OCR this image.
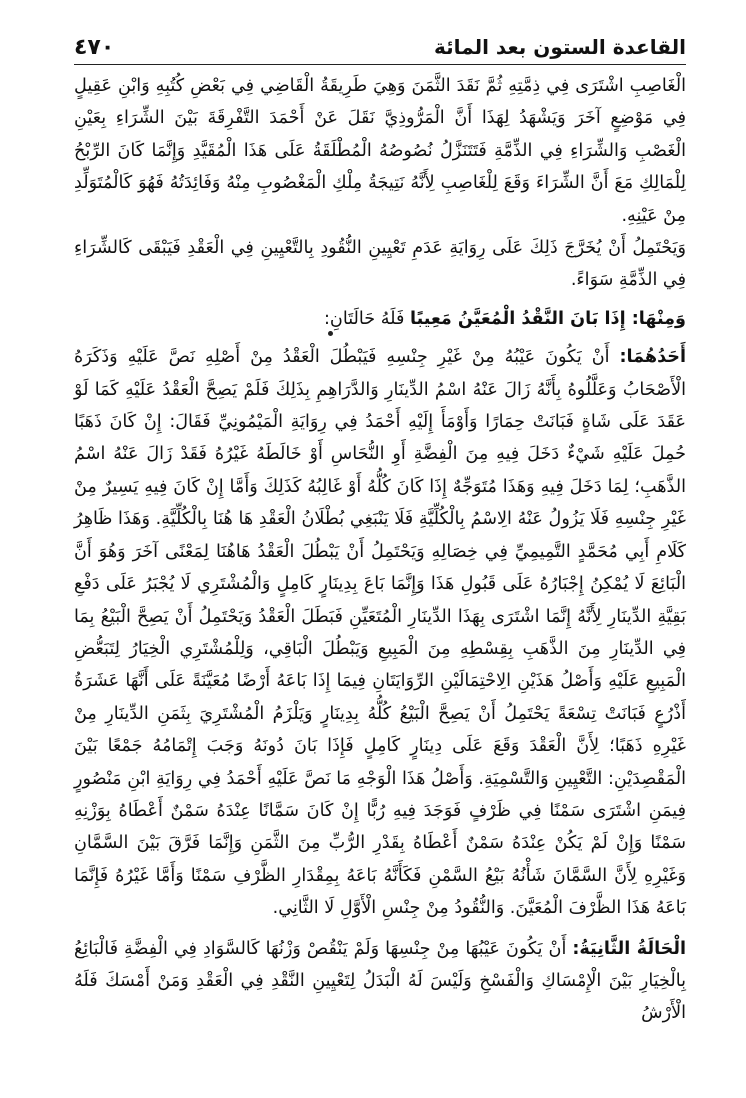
القاعدة الستون بعد المائة
٤٧٠

الْغَاصِبِ اشْتَرَى فِي ذِمَّتِهِ ثُمَّ نَقَدَ الثَّمَنَ وَهِيَ طَرِيقَةُ الْقَاضِي فِي بَعْضِ كُتُبِهِ وَابْنِ عَقِيلٍ فِي مَوْضِعٍ آخَرَ وَيَشْهَدُ لِهَذَا أَنَّ الْمَرُّوذِيَّ نَقَلَ عَنْ أَحْمَدَ التَّفْرِقَةَ بَيْنَ الشِّرَاءِ بِعَيْنِ الْغَصْبِ وَالشِّرَاءِ فِي الذِّمَّةِ فَتَتَنَزَّلُ نُصُوصُهُ الْمُطْلَقَةُ عَلَى هَذَا الْمُقَيَّدِ وَإِنَّمَا كَانَ الرِّبْحُ لِلْمَالِكِ مَعَ أَنَّ الشِّرَاءَ وَقَعَ لِلْغَاصِبِ لِأَنَّهُ نَتِيجَةُ مِلْكِ الْمَغْصُوبِ مِنْهُ وَفَائِدَتُهُ فَهُوَ كَالْمُتَوَلِّدِ مِنْ عَيْنِهِ.

وَيَحْتَمِلُ أَنْ يُخَرَّجَ ذَلِكَ عَلَى رِوَايَةِ عَدَمِ تَعْيِينِ النُّقُودِ بِالتَّعْيِينِ فِي الْعَقْدِ فَيَبْقَى كَالشِّرَاءِ فِي الذِّمَّةِ سَوَاءً.

وَمِنْهَا: إِذَا بَانَ النَّقْدُ الْمُعَيَّنُ مَعِيبًا فَلَهُ حَالَتَانِ:

أَحَدُهُمَا: أَنْ يَكُونَ عَيْبُهُ مِنْ غَيْرِ جِنْسِهِ فَيَبْطُلَ الْعَقْدُ مِنْ أَصْلِهِ نَصَّ عَلَيْهِ وَذَكَرَهُ الْأَصْحَابُ وَعَلَّلُوهُ بِأَنَّهُ زَالَ عَنْهُ اسْمُ الدِّينَارِ وَالدَّرَاهِمِ بِذَلِكَ فَلَمْ يَصِحَّ الْعَقْدُ عَلَيْهِ كَمَا لَوْ عَقَدَ عَلَى شَاةٍ فَبَانَتْ حِمَارًا وَأَوْمَأَ إِلَيْهِ أَحْمَدُ فِي رِوَايَةِ الْمَيْمُونِيِّ فَقَالَ: إِنْ كَانَ ذَهَبًا حُمِلَ عَلَيْهِ شَيْءٌ دَخَلَ فِيهِ مِنَ الْفِضَّةِ أَوِ النُّحَاسِ أَوْ خَالَطَهُ غَيْرُهُ فَقَدْ زَالَ عَنْهُ اسْمُ الذَّهَبِ؛ لِمَا دَخَلَ فِيهِ وَهَذَا مُتَوَجِّهٌ إِذَا كَانَ كُلُّهُ أَوْ غَالِبُهُ كَذَلِكَ وَأَمَّا إِنْ كَانَ فِيهِ يَسِيرٌ مِنْ غَيْرِ جِنْسِهِ فَلَا يَزُولُ عَنْهُ الِاسْمُ بِالْكُلِّيَّةِ فَلَا يَنْبَغِي بُطْلَانُ الْعَقْدِ هَا هُنَا بِالْكُلِّيَّةِ. وَهَذَا ظَاهِرُ كَلَامِ أَبِي مُحَمَّدٍ التَّمِيمِيِّ فِي خِصَالِهِ وَيَحْتَمِلُ أَنْ يَبْطُلَ الْعَقْدُ هَاهُنَا لِمَعْنًى آخَرَ وَهُوَ أَنَّ الْبَائِعَ لَا يُمْكِنُ إِجْبَارُهُ عَلَى قَبُولِ هَذَا وَإِنَّمَا بَاعَ بِدِينَارٍ كَامِلٍ وَالْمُشْتَرِي لَا يُجْبَرُ عَلَى دَفْعِ بَقِيَّةِ الدِّينَارِ لِأَنَّهُ إِنَّمَا اشْتَرَى بِهَذَا الدِّينَارِ الْمُتَعَيِّنِ فَبَطَلَ الْعَقْدُ وَيَحْتَمِلُ أَنْ يَصِحَّ الْبَيْعُ بِمَا فِي الدِّينَارِ مِنَ الذَّهَبِ بِقِسْطِهِ مِنَ الْمَبِيعِ وَيَبْطُلَ الْبَاقِي، وَلِلْمُشْتَرِي الْخِيَارُ لِتَبَعُّضِ الْمَبِيعِ عَلَيْهِ وَأَصْلُ هَذَيْنِ الِاحْتِمَالَيْنِ الرِّوَايَتَانِ فِيمَا إِذَا بَاعَهُ أَرْضًا مُعَيَّنَةً عَلَى أَنَّهَا عَشَرَةُ أَذْرُعٍ فَبَانَتْ تِسْعَةً يَحْتَمِلُ أَنْ يَصِحَّ الْبَيْعُ كُلُّهُ بِدِينَارٍ وَيَلْزَمُ الْمُشْتَرِيَ بِثَمَنِ الدِّينَارِ مِنْ غَيْرِهِ ذَهَبًا؛ لِأَنَّ الْعَقْدَ وَقَعَ عَلَى دِينَارٍ كَامِلٍ فَإِذَا بَانَ دُونَهُ وَجَبَ إِتْمَامُهُ جَمْعًا بَيْنَ الْمَقْصِدَيْنِ: التَّعْيِينِ وَالتَّسْمِيَةِ. وَأَصْلُ هَذَا الْوَجْهِ مَا نَصَّ عَلَيْهِ أَحْمَدُ فِي رِوَايَةِ ابْنِ مَنْصُورٍ فِيمَنِ اشْتَرَى سَمْنًا فِي ظَرْفٍ فَوَجَدَ فِيهِ رُبًّا إِنْ كَانَ سَمَّانًا عِنْدَهُ سَمْنٌ أَعْطَاهُ بِوَزْنِهِ سَمْنًا وَإِنْ لَمْ يَكُنْ عِنْدَهُ سَمْنٌ أَعْطَاهُ بِقَدْرِ الرُّبِّ مِنَ الثَّمَنِ وَإِنَّمَا فَرَّقَ بَيْنَ السَّمَّانِ وَغَيْرِهِ لِأَنَّ السَّمَّانَ شَأْنُهُ بَيْعُ السَّمْنِ فَكَأَنَّهُ بَاعَهُ بِمِقْدَارِ الظَّرْفِ سَمْنًا وَأَمَّا غَيْرُهُ فَإِنَّمَا بَاعَهُ هَذَا الظَّرْفَ الْمُعَيَّنَ. وَالنُّقُودُ مِنْ جِنْسِ الْأَوَّلِ لَا الثَّانِي.

الْحَالَةُ الثَّانِيَةُ: أَنْ يَكُونَ عَيْبُهَا مِنْ جِنْسِهَا وَلَمْ يَنْقُصْ وَزْنُهَا كَالسَّوَادِ فِي الْفِضَّةِ فَالْبَائِعُ بِالْخِيَارِ بَيْنَ الْإِمْسَاكِ وَالْفَسْخِ وَلَيْسَ لَهُ الْبَدَلُ لِتَعْيِينِ النَّقْدِ فِي الْعَقْدِ وَمَنْ أَمْسَكَ فَلَهُ الْأَرْشُ
